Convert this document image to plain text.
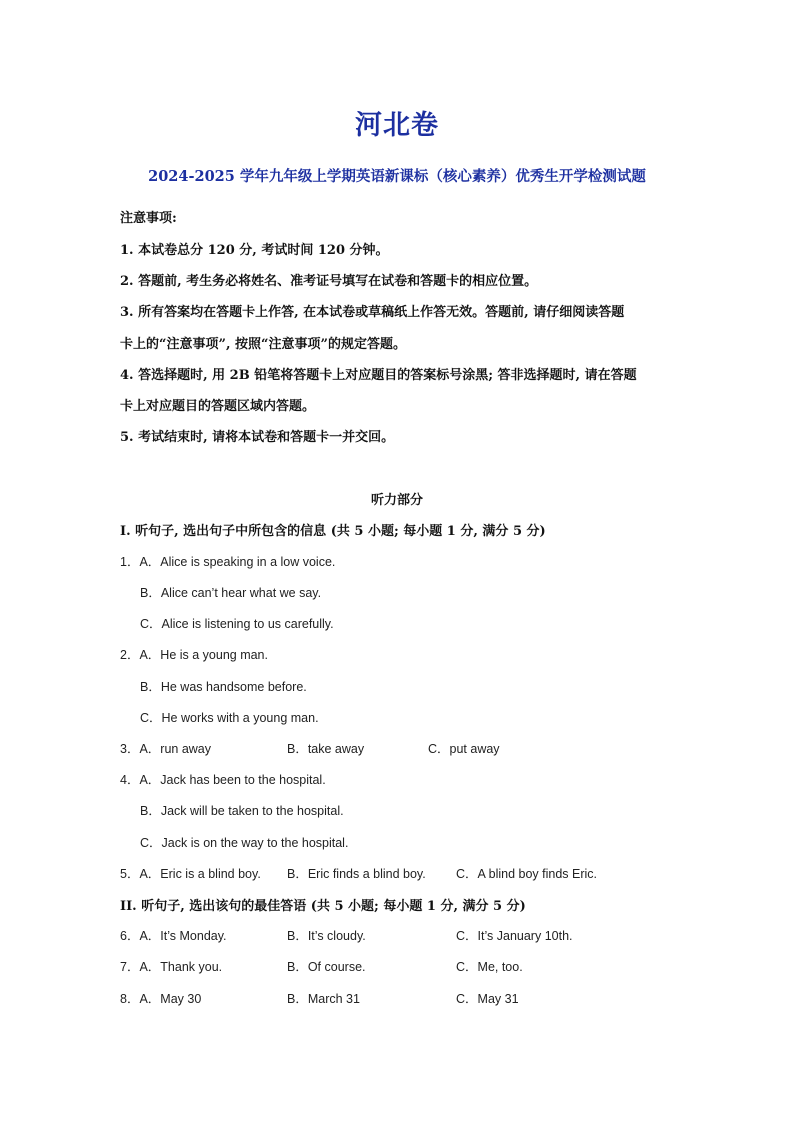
河北卷
2024-2025 学年九年级上学期英语新课标（核心素养）优秀生开学检测试题
注意事项:
1. 本试卷总分 120 分, 考试时间 120 分钟。
2. 答题前, 考生务必将姓名、准考证号填写在试卷和答题卡的相应位置。
3. 所有答案均在答题卡上作答, 在本试卷或草稿纸上作答无效。答题前, 请仔细阅读答题
卡上的“注意事项”, 按照“注意事项”的规定答题。
4. 答选择题时, 用 2B 铅笔将答题卡上对应题目的答案标号涂黑; 答非选择题时, 请在答题
卡上对应题目的答题区域内答题。
5. 考试结束时, 请将本试卷和答题卡一并交回。
听力部分
I. 听句子, 选出句子中所包含的信息 (共 5 小题; 每小题 1 分, 满分 5 分)
1．A．Alice is speaking in a low voice.
B．Alice can’t hear what we say.
C．Alice is listening to us carefully.
2．A．He is a young man.
B．He was handsome before.
C．He works with a young man.
3．A．run away	B．take away	C．put away
4．A．Jack has been to the hospital.
B．Jack will be taken to the hospital.
C．Jack is on the way to the hospital.
5．A．Eric is a blind boy. B．Eric finds a blind boy. C．A blind boy finds Eric.
II. 听句子, 选出该句的最佳答语 (共 5 小题; 每小题 1 分, 满分 5 分)
6．A．It’s Monday.	B．It’s cloudy.	C．It’s January 10th.
7．A．Thank you.	B．Of course.	C．Me, too.
8．A．May 30	B．March 31	C．May 31
